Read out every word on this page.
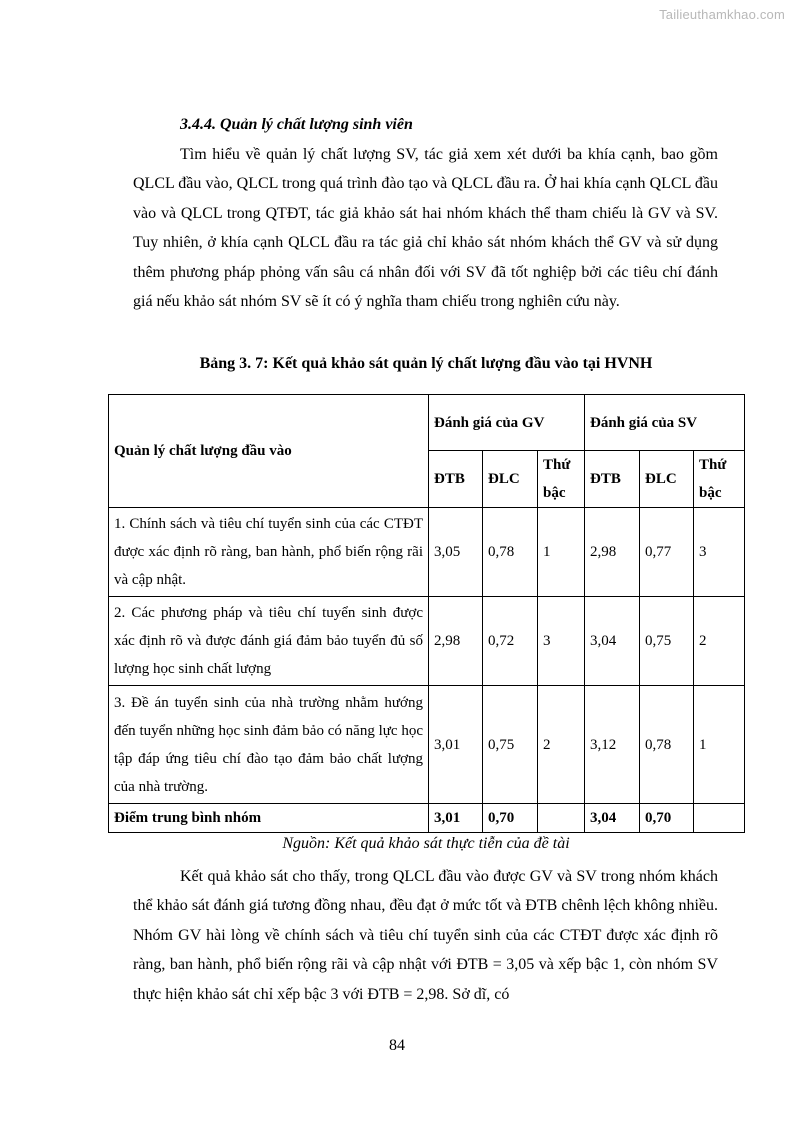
Tailieuthamkhao.com
3.4.4. Quản lý chất lượng sinh viên
Tìm hiểu về quản lý chất lượng SV, tác giả xem xét dưới ba khía cạnh, bao gồm QLCL đầu vào, QLCL trong quá trình đào tạo và QLCL đầu ra. Ở hai khía cạnh QLCL đầu vào và QLCL trong QTĐT, tác giả khảo sát hai nhóm khách thể tham chiếu là GV và SV. Tuy nhiên, ở khía cạnh QLCL đầu ra tác giả chỉ khảo sát nhóm khách thể GV và sử dụng thêm phương pháp phỏng vấn sâu cá nhân đối với SV đã tốt nghiệp bởi các tiêu chí đánh giá nếu khảo sát nhóm SV sẽ ít có ý nghĩa tham chiếu trong nghiên cứu này.
Bảng 3. 7: Kết quả khảo sát quản lý chất lượng đầu vào tại HVNH
Quản lý chất lượng đầu vào	Đánh giá của GV			Đánh giá của SV		
	ĐTB	ĐLC	Thứ bậc	ĐTB	ĐLC	Thứ bậc
1. Chính sách và tiêu chí tuyển sinh của các CTĐT được xác định rõ ràng, ban hành, phổ biến rộng rãi và cập nhật.	3,05	0,78	1	2,98	0,77	3
2. Các phương pháp và tiêu chí tuyển sinh được xác định rõ và được đánh giá đảm bảo tuyển đủ số lượng học sinh chất lượng	2,98	0,72	3	3,04	0,75	2
3. Đề án tuyển sinh của nhà trường nhằm hướng đến tuyển những học sinh đảm bảo có năng lực học tập đáp ứng tiêu chí đào tạo đảm bảo chất lượng của nhà trường.	3,01	0,75	2	3,12	0,78	1
Điểm trung bình nhóm	3,01	0,70		3,04	0,70	
Nguồn: Kết quả khảo sát thực tiễn của đề tài
Kết quả khảo sát cho thấy, trong QLCL đầu vào được GV và SV trong nhóm khách thể khảo sát đánh giá tương đồng nhau, đều đạt ở mức tốt và ĐTB chênh lệch không nhiều. Nhóm GV hài lòng về chính sách và tiêu chí tuyển sinh của các CTĐT được xác định rõ ràng, ban hành, phổ biến rộng rãi và cập nhật với ĐTB = 3,05 và xếp bậc 1, còn nhóm SV thực hiện khảo sát chỉ xếp bậc 3 với ĐTB = 2,98. Sở dĩ, có
84
